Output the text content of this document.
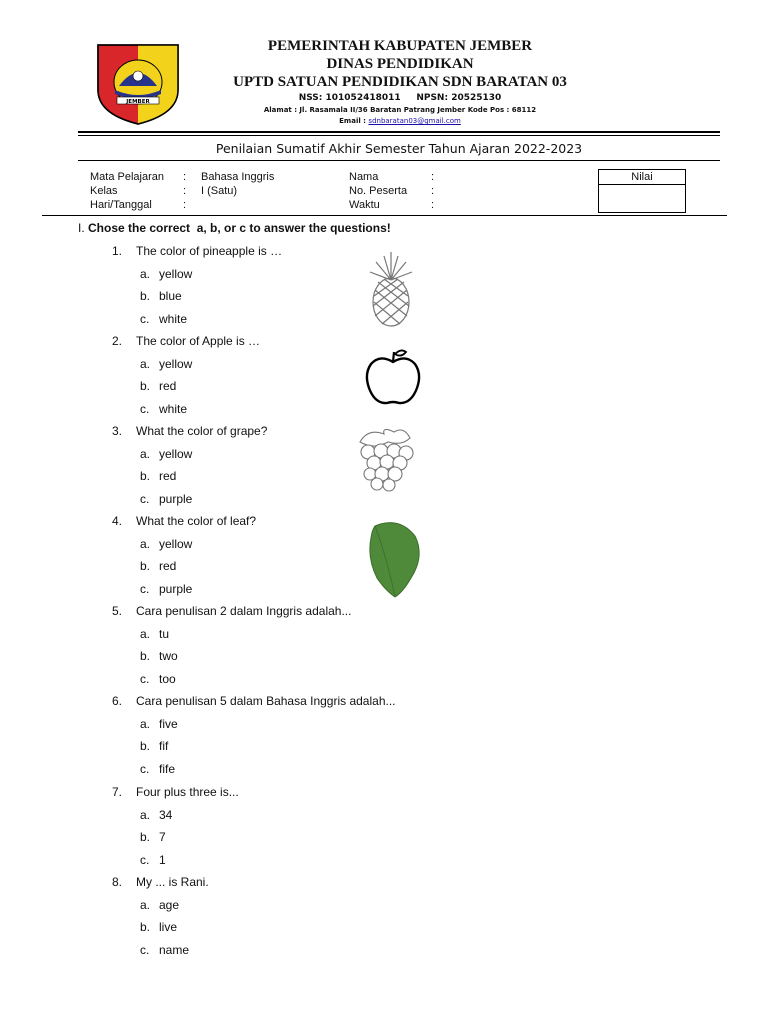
JEMBER
PEMERINTAH KABUPATEN JEMBER
DINAS PENDIDIKAN
UPTD SATUAN PENDIDIKAN SDN BARATAN 03
NSS: 101052418011     NPSN: 20525130
Alamat : Jl. Rasamala II/36 Baratan Patrang Jember Kode Pos : 68112
Email : sdnbaratan03@gmail.com
Penilaian Sumatif Akhir Semester Tahun Ajaran 2022-2023
Mata Pelajaran
Kelas
Hari/Tanggal
:
:
:
Bahasa Inggris
I (Satu)
Nama
No. Peserta
Waktu
:
:
:
Nilai
I. Chose the correct  a, b, or c to answer the questions!
1. The color of pineapple is …
a. yellow
b. blue
c. white
2. The color of Apple is …
a. yellow
b. red
c. white
3. What the color of grape?
a. yellow
b. red
c. purple
4. What the color of leaf?
a. yellow
b. red
c. purple
5. Cara penulisan 2 dalam Inggris adalah...
a. tu
b. two
c. too
6. Cara penulisan 5 dalam Bahasa Inggris adalah...
a. five
b. fif
c. fife
7. Four plus three is...
a. 34
b. 7
c. 1
8. My ... is Rani.
a. age
b. live
c. name
